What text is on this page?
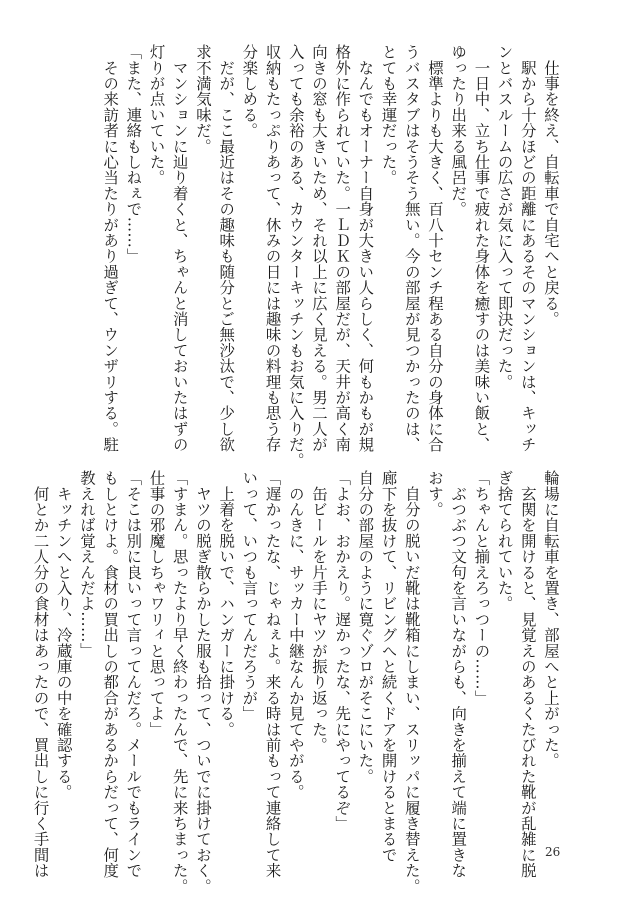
　仕事を終え、自転車で自宅へと戻る。
　駅から十分ほどの距離にあるそのマンションは、キッチ
ンとバスルームの広さが気に入って即決だった。
　一日中、立ち仕事で疲れた身体を癒すのは美味い飯と、
ゆったり出来る風呂だ。
　標準よりも大きく、百八十センチ程ある自分の身体に合
うバスタブはそうそう無い。今の部屋が見つかったのは、
とても幸運だった。
　なんでもオーナー自身が大きい人らしく、何もかもが規
格外に作られていた。一ＬＤＫの部屋だが、天井が高く南
向きの窓も大きいため、それ以上に広く見える。男二人が
入っても余裕のある、カウンターキッチンもお気に入りだ。
収納もたっぷりあって、休みの日には趣味の料理も思う存
分楽しめる。
　だが、ここ最近はその趣味も随分とご無沙汰で、少し欲
求不満気味だ。
　マンションに辿り着くと、ちゃんと消しておいたはずの
灯りが点いていた。
「また、連絡もしねぇで……」
　その来訪者に心当たりがあり過ぎて、ウンザリする。駐
輪場に自転車を置き、部屋へと上がった。
　玄関を開けると、見覚えのあるくたびれた靴が乱雑に脱
ぎ捨てられていた。
「ちゃんと揃えろっつーの……」
　ぶつぶつ文句を言いながらも、向きを揃えて端に置きな
おす。
　自分の脱いだ靴は靴箱にしまい、スリッパに履き替えた。
廊下を抜けて、リビングへと続くドアを開けるとまるで
自分の部屋のように寛ぐゾロがそこにいた。
「よお、おかえり。遅かったな、先にやってるぞ」
　缶ビールを片手にヤツが振り返った。
　のんきに、サッカー中継なんか見てやがる。
「遅かったな、じゃねぇよ。来る時は前もって連絡して来
いって、いつも言ってんだろうが」
　上着を脱いで、ハンガーに掛ける。
　ヤツの脱ぎ散らかした服も拾って、ついでに掛けておく。
「すまん。思ったより早く終わったんで、先に来ちまった。
仕事の邪魔しちゃワリィと思ってよ」
「そこは別に良いって言ってんだろ。メールでもラインで
もしとけよ。食材の買出しの都合があるからだって、何度
教えれば覚えんだよ……」
　キッチンへと入り、冷蔵庫の中を確認する。
　何とか二人分の食材はあったので、買出しに行く手間は	26
